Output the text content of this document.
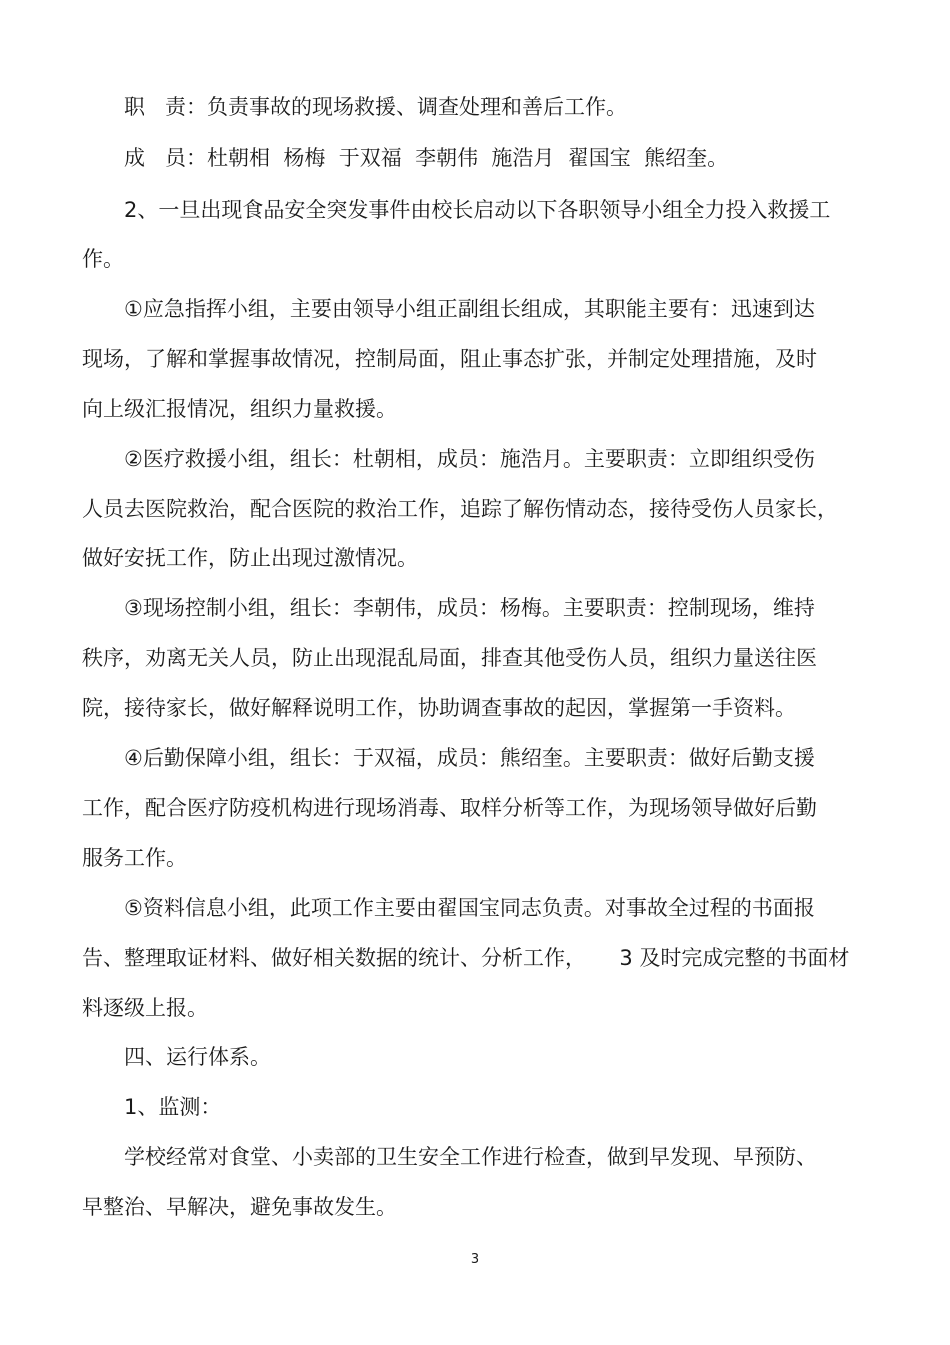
职   责：负责事故的现场救援、调查处理和善后工作。
成   员：杜朝相  杨梅  于双福  李朝伟  施浩月  翟国宝  熊绍奎。
2、一旦出现食品安全突发事件由校长启动以下各职领导小组全力投入救援工
作。
①应急指挥小组，主要由领导小组正副组长组成，其职能主要有：迅速到达
现场，了解和掌握事故情况，控制局面，阻止事态扩张，并制定处理措施，及时
向上级汇报情况，组织力量救援。
②医疗救援小组，组长：杜朝相，成员：施浩月。主要职责：立即组织受伤
人员去医院救治，配合医院的救治工作，追踪了解伤情动态，接待受伤人员家长，
做好安抚工作，防止出现过激情况。
③现场控制小组，组长：李朝伟，成员：杨梅。主要职责：控制现场，维持
秩序，劝离无关人员，防止出现混乱局面，排查其他受伤人员，组织力量送往医
院，接待家长，做好解释说明工作，协助调查事故的起因，掌握第一手资料。
④后勤保障小组，组长：于双福，成员：熊绍奎。主要职责：做好后勤支援
工作，配合医疗防疫机构进行现场消毒、取样分析等工作，为现场领导做好后勤
服务工作。
⑤资料信息小组，此项工作主要由翟国宝同志负责。对事故全过程的书面报
告、整理取证材料、做好相关数据的统计、分析工作，     3 及时完成完整的书面材
料逐级上报。
四、运行体系。
1、监测：
学校经常对食堂、小卖部的卫生安全工作进行检查，做到早发现、早预防、
早整治、早解决，避免事故发生。
3
